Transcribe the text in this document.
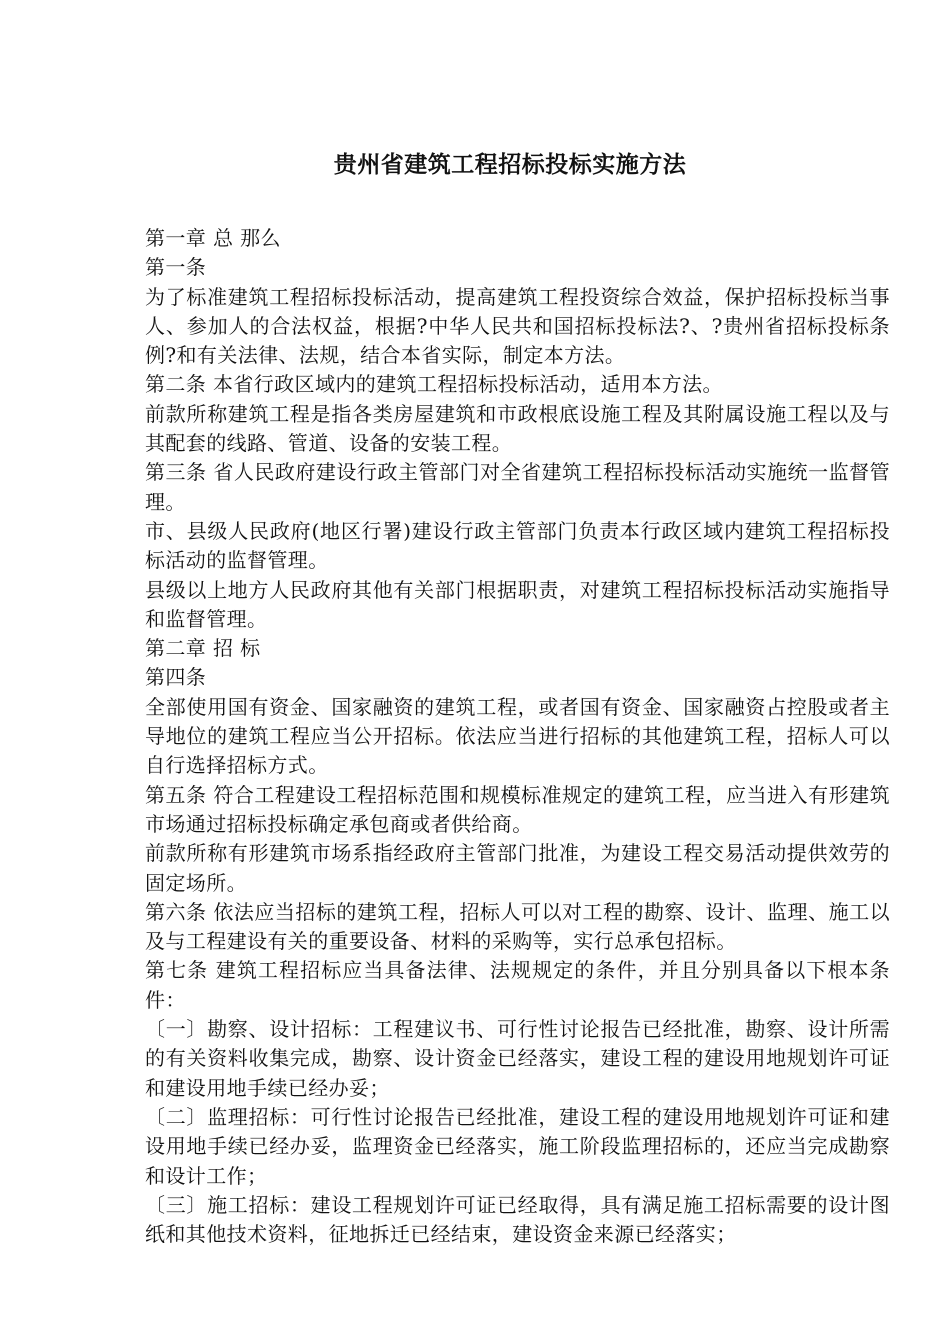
贵州省建筑工程招标投标实施方法

第一章 总 那么

第一条

为了标准建筑工程招标投标活动，提高建筑工程投资综合效益，保护招标投标当事人、参加人的合法权益，根据?中华人民共和国招标投标法?、?贵州省招标投标条例?和有关法律、法规，结合本省实际，制定本方法。

第二条 本省行政区域内的建筑工程招标投标活动，适用本方法。

前款所称建筑工程是指各类房屋建筑和市政根底设施工程及其附属设施工程以及与其配套的线路、管道、设备的安装工程。

第三条 省人民政府建设行政主管部门对全省建筑工程招标投标活动实施统一监督管理。

市、县级人民政府(地区行署)建设行政主管部门负责本行政区域内建筑工程招标投标活动的监督管理。

县级以上地方人民政府其他有关部门根据职责，对建筑工程招标投标活动实施指导和监督管理。

第二章 招 标

第四条

全部使用国有资金、国家融资的建筑工程，或者国有资金、国家融资占控股或者主导地位的建筑工程应当公开招标。依法应当进行招标的其他建筑工程，招标人可以自行选择招标方式。

第五条 符合工程建设工程招标范围和规模标准规定的建筑工程，应当进入有形建筑市场通过招标投标确定承包商或者供给商。

前款所称有形建筑市场系指经政府主管部门批准，为建设工程交易活动提供效劳的固定场所。

第六条 依法应当招标的建筑工程，招标人可以对工程的勘察、设计、监理、施工以及与工程建设有关的重要设备、材料的采购等，实行总承包招标。

第七条 建筑工程招标应当具备法律、法规规定的条件，并且分别具备以下根本条件：

〔一〕勘察、设计招标：工程建议书、可行性讨论报告已经批准，勘察、设计所需的有关资料收集完成，勘察、设计资金已经落实，建设工程的建设用地规划许可证和建设用地手续已经办妥；

〔二〕监理招标：可行性讨论报告已经批准，建设工程的建设用地规划许可证和建设用地手续已经办妥，监理资金已经落实，施工阶段监理招标的，还应当完成勘察和设计工作；

〔三〕施工招标：建设工程规划许可证已经取得，具有满足施工招标需要的设计图纸和其他技术资料，征地拆迁已经结束，建设资金来源已经落实；
